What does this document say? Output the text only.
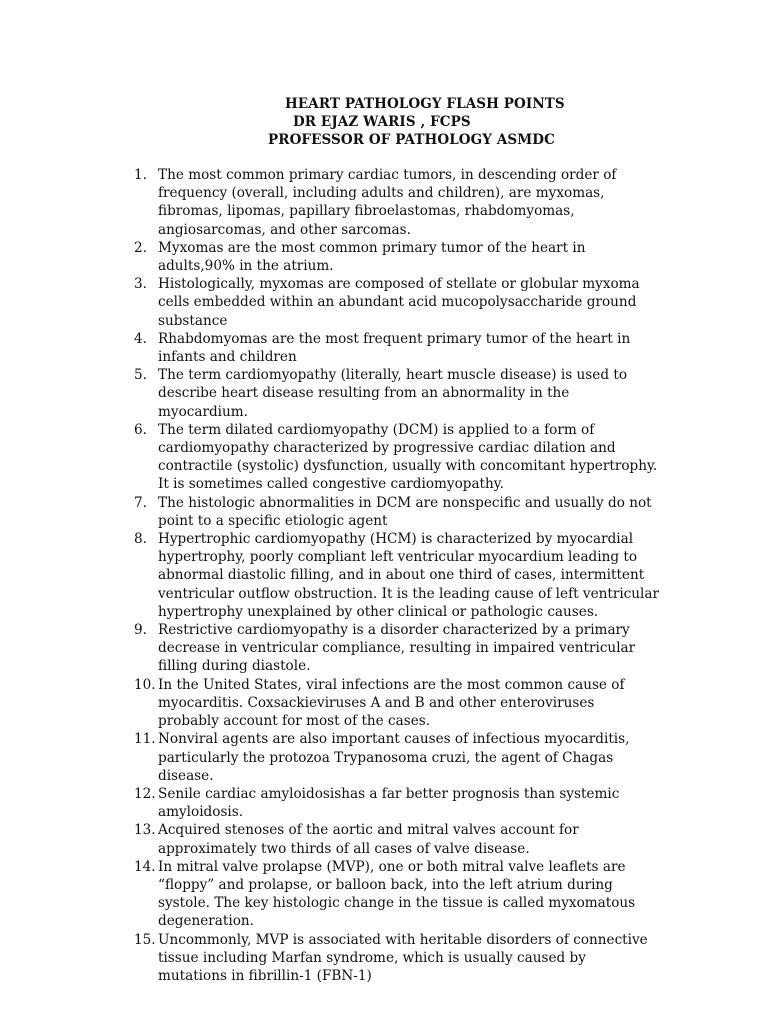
HEART PATHOLOGY FLASH POINTS
DR EJAZ WARIS , FCPS
PROFESSOR OF PATHOLOGY ASMDC
1. The most common primary cardiac tumors, in descending order of frequency (overall, including adults and children), are myxomas, fibromas, lipomas, papillary fibroelastomas, rhabdomyomas, angiosarcomas, and other sarcomas.
2. Myxomas are the most common primary tumor of the heart in adults,90% in the atrium.
3. Histologically, myxomas are composed of stellate or globular myxoma cells embedded within an abundant acid mucopolysaccharide ground substance
4. Rhabdomyomas are the most frequent primary tumor of the heart in infants and children
5. The term cardiomyopathy (literally, heart muscle disease) is used to describe heart disease resulting from an abnormality in the myocardium.
6. The term dilated cardiomyopathy (DCM) is applied to a form of cardiomyopathy characterized by progressive cardiac dilation and contractile (systolic) dysfunction, usually with concomitant hypertrophy. It is sometimes called congestive cardiomyopathy.
7. The histologic abnormalities in DCM are nonspecific and usually do not point to a specific etiologic agent
8. Hypertrophic cardiomyopathy (HCM) is characterized by myocardial hypertrophy, poorly compliant left ventricular myocardium leading to abnormal diastolic filling, and in about one third of cases, intermittent ventricular outflow obstruction. It is the leading cause of left ventricular hypertrophy unexplained by other clinical or pathologic causes.
9. Restrictive cardiomyopathy is a disorder characterized by a primary decrease in ventricular compliance, resulting in impaired ventricular filling during diastole.
10. In the United States, viral infections are the most common cause of myocarditis. Coxsackieviruses A and B and other enteroviruses probably account for most of the cases.
11. Nonviral agents are also important causes of infectious myocarditis, particularly the protozoa Trypanosoma cruzi, the agent of Chagas disease.
12. Senile cardiac amyloidosishas a far better prognosis than systemic amyloidosis.
13. Acquired stenoses of the aortic and mitral valves account for approximately two thirds of all cases of valve disease.
14. In mitral valve prolapse (MVP), one or both mitral valve leaflets are “floppy” and prolapse, or balloon back, into the left atrium during systole. The key histologic change in the tissue is called myxomatous degeneration.
15. Uncommonly, MVP is associated with heritable disorders of connective tissue including Marfan syndrome, which is usually caused by mutations in fibrillin-1 (FBN-1)
